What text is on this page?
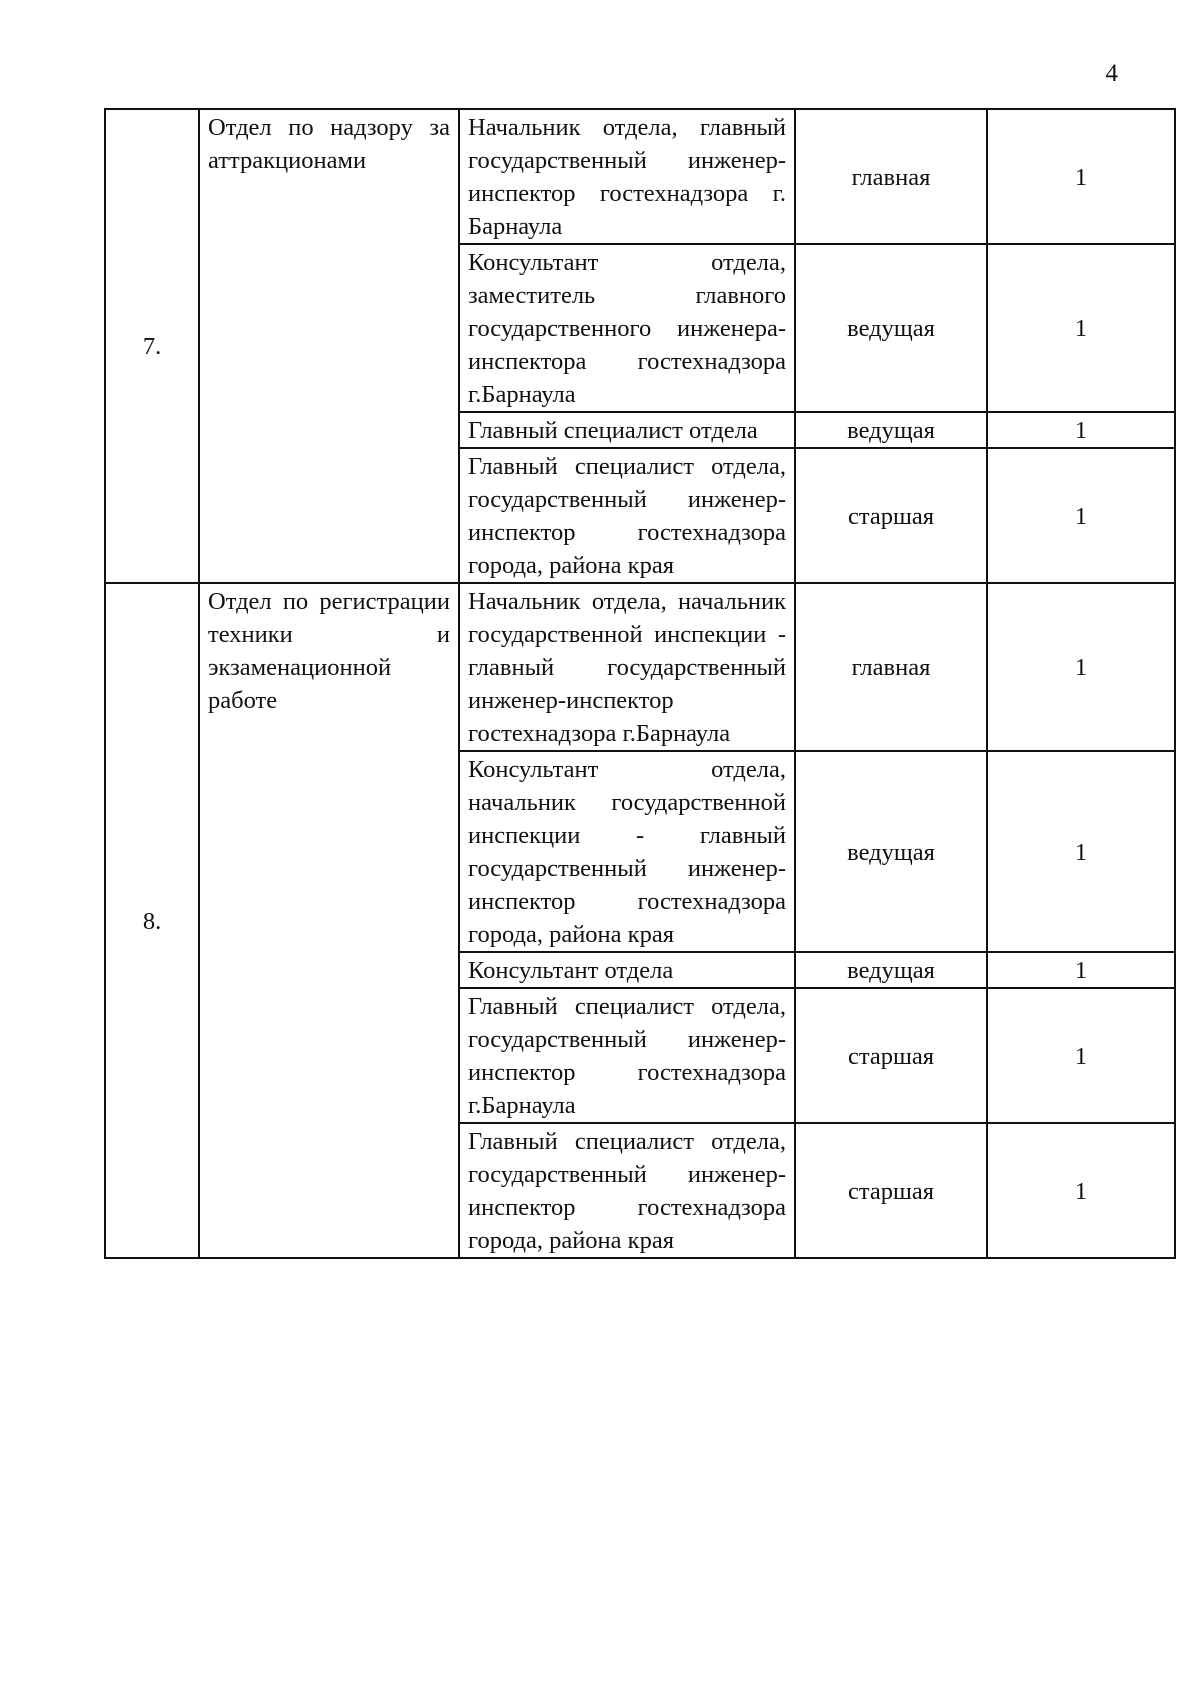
4
7.	Отдел по надзору за аттракционами	Начальник отдела, главный государственный инженер-инспектор гостехнадзора г. Барнаула	главная	1
		Консультант отдела, заместитель главного государственного инженера-инспектора гостехнадзора г.Барнаула	ведущая	1
		Главный специалист отдела	ведущая	1
		Главный специалист отдела, государственный инженер-инспектор гостехнадзора города, района края	старшая	1
8.	Отдел по регистрации техники и экзаменационной работе	Начальник отдела, начальник государственной инспекции - главный государственный инженер-инспектор гостехнадзора г.Барнаула	главная	1
		Консультант отдела, начальник государственной инспекции - главный государственный инженер-инспектор гостехнадзора города, района края	ведущая	1
		Консультант отдела	ведущая	1
		Главный специалист отдела, государственный инженер-инспектор гостехнадзора г.Барнаула	старшая	1
		Главный специалист отдела, государственный инженер-инспектор гостехнадзора города, района края	старшая	1
